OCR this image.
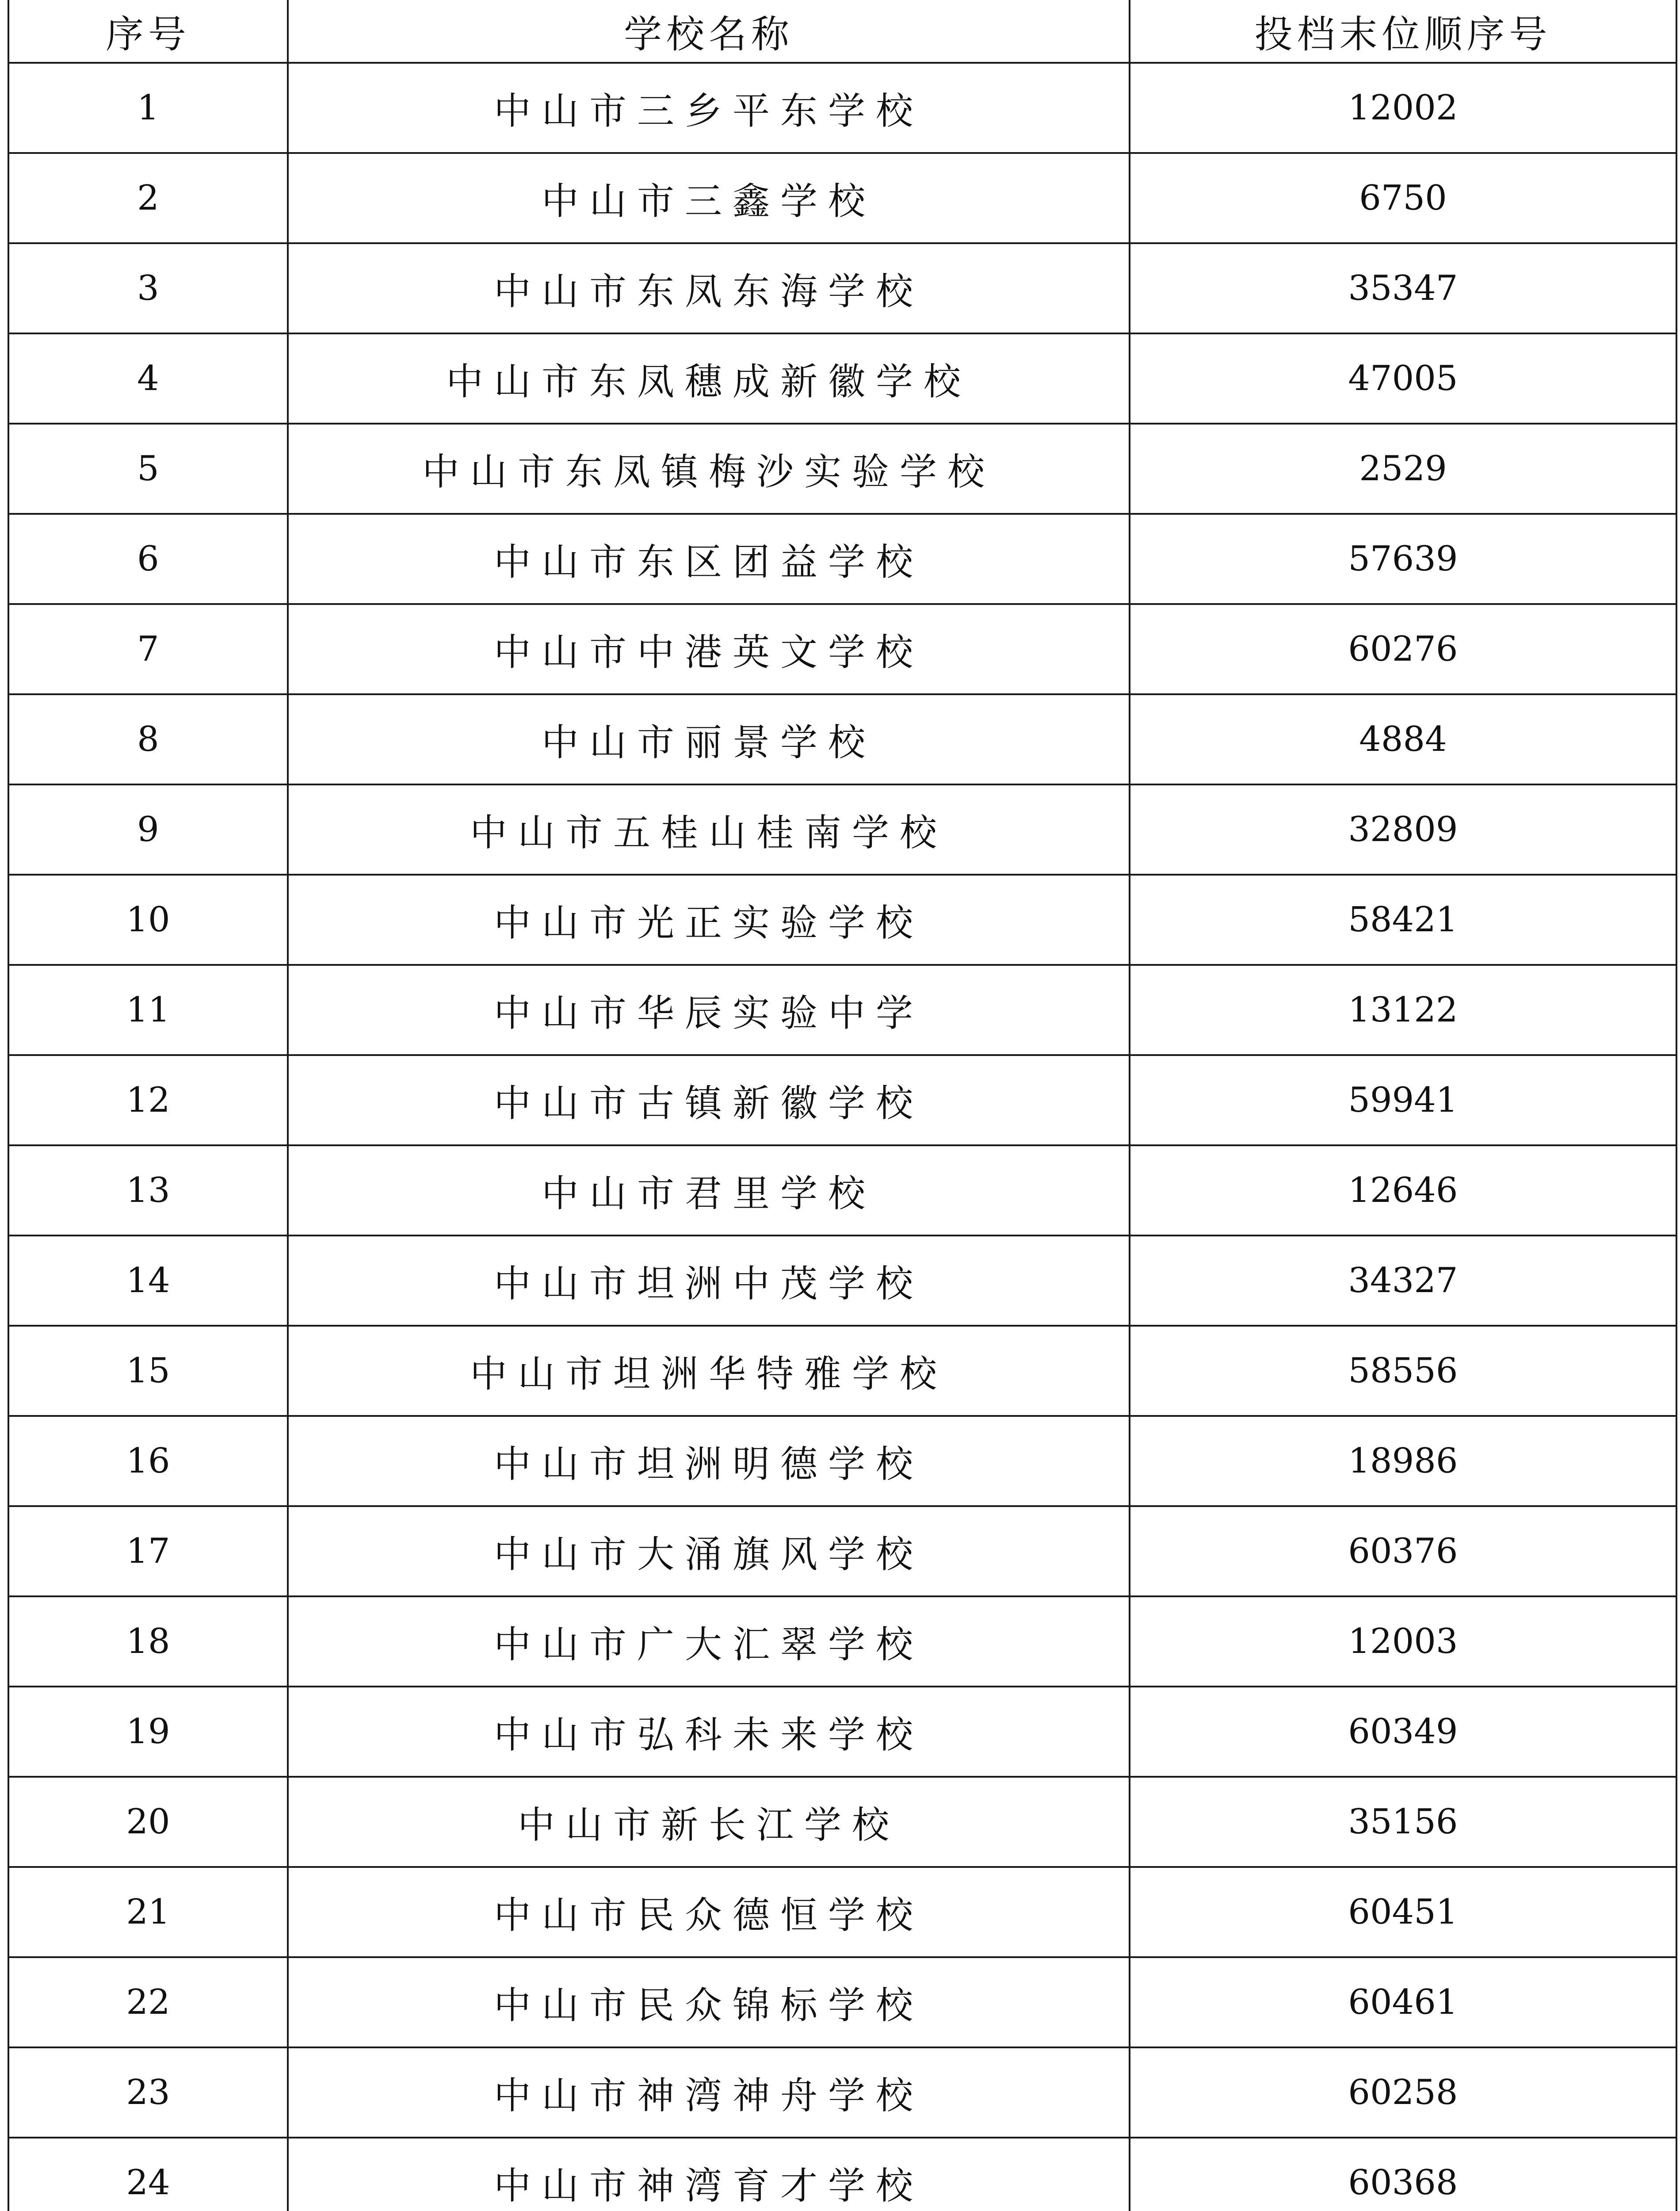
序号	学校名称	投档末位顺序号
1	中山市三乡平东学校	12002
2	中山市三鑫学校	6750
3	中山市东凤东海学校	35347
4	中山市东凤穗成新徽学校	47005
5	中山市东凤镇梅沙实验学校	2529
6	中山市东区团益学校	57639
7	中山市中港英文学校	60276
8	中山市丽景学校	4884
9	中山市五桂山桂南学校	32809
10	中山市光正实验学校	58421
11	中山市华辰实验中学	13122
12	中山市古镇新徽学校	59941
13	中山市君里学校	12646
14	中山市坦洲中茂学校	34327
15	中山市坦洲华特雅学校	58556
16	中山市坦洲明德学校	18986
17	中山市大涌旗风学校	60376
18	中山市广大汇翠学校	12003
19	中山市弘科未来学校	60349
20	中山市新长江学校	35156
21	中山市民众德恒学校	60451
22	中山市民众锦标学校	60461
23	中山市神湾神舟学校	60258
24	中山市神湾育才学校	60368
